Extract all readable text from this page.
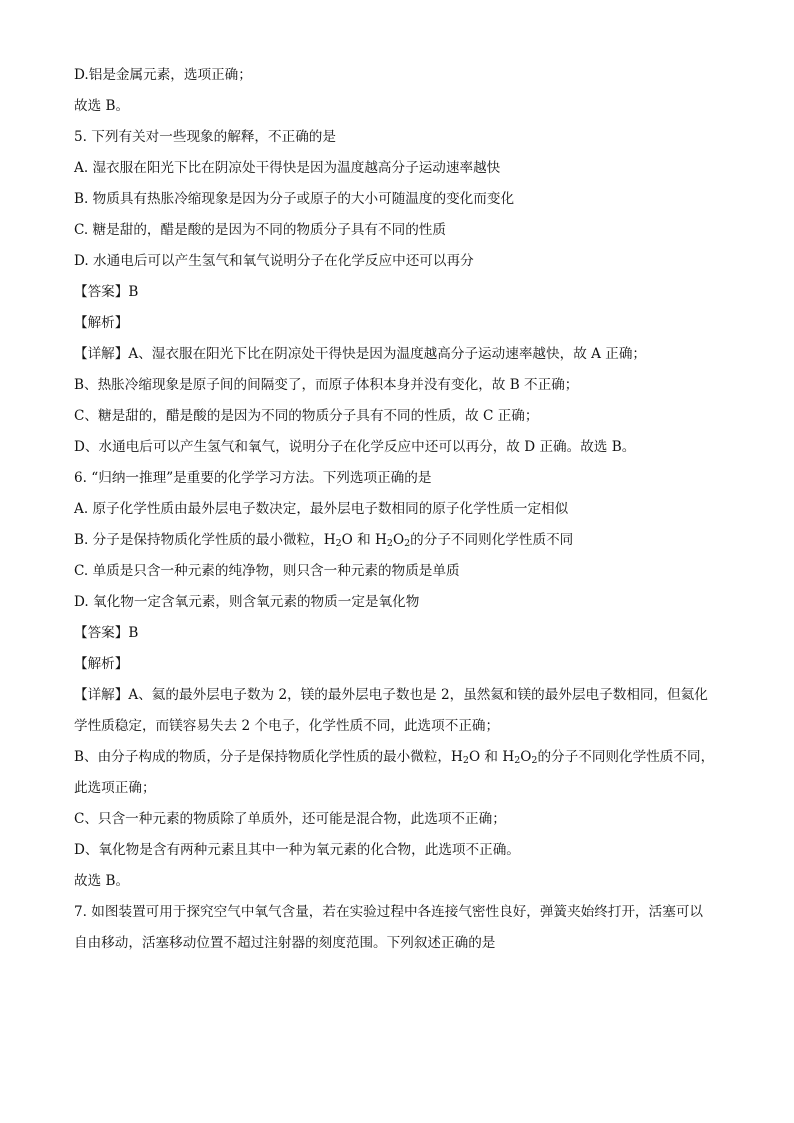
D.铝是金属元素，选项正确；
故选 B。
5. 下列有关对一些现象的解释，不正确的是
A. 湿衣服在阳光下比在阴凉处干得快是因为温度越高分子运动速率越快
B. 物质具有热胀冷缩现象是因为分子或原子的大小可随温度的变化而变化
C. 糖是甜的，醋是酸的是因为不同的物质分子具有不同的性质
D. 水通电后可以产生氢气和氧气说明分子在化学反应中还可以再分
【答案】B
【解析】
【详解】A、湿衣服在阳光下比在阴凉处干得快是因为温度越高分子运动速率越快，故 A 正确；
B、热胀冷缩现象是原子间的间隔变了，而原子体积本身并没有变化，故 B 不正确；
C、糖是甜的，醋是酸的是因为不同的物质分子具有不同的性质，故 C 正确；
D、水通电后可以产生氢气和氧气，说明分子在化学反应中还可以再分，故 D 正确。故选 B。
6. “归纳一推理”是重要的化学学习方法。下列选项正确的是
A. 原子化学性质由最外层电子数决定，最外层电子数相同的原子化学性质一定相似
B. 分子是保持物质化学性质的最小微粒，$H_2O$ 和 $H_2O_2$的分子不同则化学性质不同
C. 单质是只含一种元素的纯净物，则只含一种元素的物质是单质
D. 氧化物一定含氧元素，则含氧元素的物质一定是氧化物
【答案】B
【解析】
【详解】A、氦的最外层电子数为 2，镁的最外层电子数也是 2，虽然氦和镁的最外层电子数相同，但氦化
学性质稳定，而镁容易失去 2 个电子，化学性质不同，此选项不正确；
B、由分子构成的物质，分子是保持物质化学性质的最小微粒，$H_2O$ 和 $H_2O_2$的分子不同则化学性质不同，
此选项正确；
C、只含一种元素的物质除了单质外，还可能是混合物，此选项不正确；
D、氧化物是含有两种元素且其中一种为氧元素的化合物，此选项不正确。
故选 B。
7. 如图装置可用于探究空气中氧气含量，若在实验过程中各连接气密性良好，弹簧夹始终打开，活塞可以
自由移动，活塞移动位置不超过注射器的刻度范围。下列叙述正确的是
